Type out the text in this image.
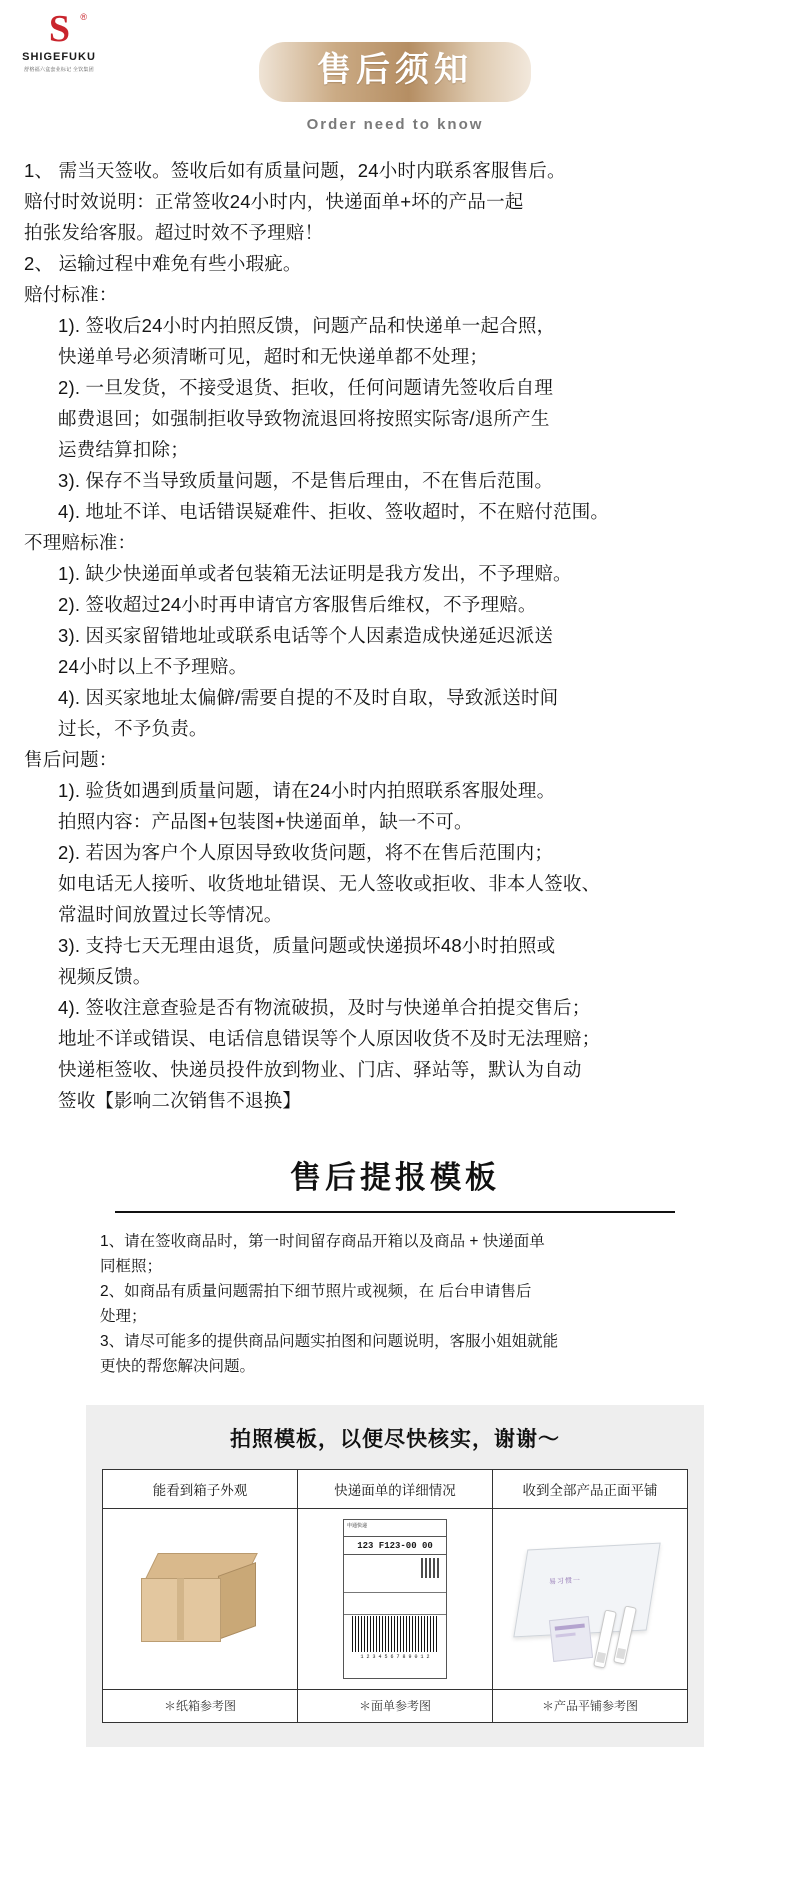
S	®
SHIGEFUKU
舒格福六盒套业标记 全饮集团	售后须知
Order need to know

1、 需当天签收。签收后如有质量问题，24小时内联系客服售后。

赔付时效说明：正常签收24小时内，快递面单+坏的产品一起

拍张发给客服。超过时效不予理赔！

2、 运输过程中难免有些小瑕疵。

赔付标准：

1). 签收后24小时内拍照反馈，问题产品和快递单一起合照，

快递单号必须清晰可见，超时和无快递单都不处理；

2). 一旦发货，不接受退货、拒收，任何问题请先签收后自理

邮费退回；如强制拒收导致物流退回将按照实际寄/退所产生

运费结算扣除；

3). 保存不当导致质量问题，不是售后理由，不在售后范围。

4). 地址不详、电话错误疑难件、拒收、签收超时，不在赔付范围。

不理赔标准：

1). 缺少快递面单或者包装箱无法证明是我方发出，不予理赔。

2). 签收超过24小时再申请官方客服售后维权，不予理赔。

3). 因买家留错地址或联系电话等个人因素造成快递延迟派送

24小时以上不予理赔。

4). 因买家地址太偏僻/需要自提的不及时自取，导致派送时间

过长，不予负责。

售后问题：

1). 验货如遇到质量问题，请在24小时内拍照联系客服处理。

拍照内容：产品图+包装图+快递面单，缺一不可。

2). 若因为客户个人原因导致收货问题，将不在售后范围内；

如电话无人接听、收货地址错误、无人签收或拒收、非本人签收、

常温时间放置过长等情况。

3). 支持七天无理由退货，质量问题或快递损坏48小时拍照或

视频反馈。

4). 签收注意查验是否有物流破损，及时与快递单合拍提交售后；

地址不详或错误、电话信息错误等个人原因收货不及时无法理赔；

快递柜签收、快递员投件放到物业、门店、驿站等，默认为自动

签收【影响二次销售不退换】

售后提报模板

1、请在签收商品时，第一时间留存商品开箱以及商品 + 快递面单

同框照；

2、如商品有质量问题需拍下细节照片或视频，在 后台申请售后

处理；

3、请尽可能多的提供商品问题实拍图和问题说明，客服小姐姐就能

更快的帮您解决问题。

拍照模板，以便尽快核实，谢谢～
能看到箱子外观
＊纸箱参考图
快递面单的详细情况
申通快递
123 F123-00 00
1 2 3 4 5 6 7 8 9 0 1 2
＊面单参考图
收到全部产品正面平铺
易习惯一
＊产品平铺参考图
